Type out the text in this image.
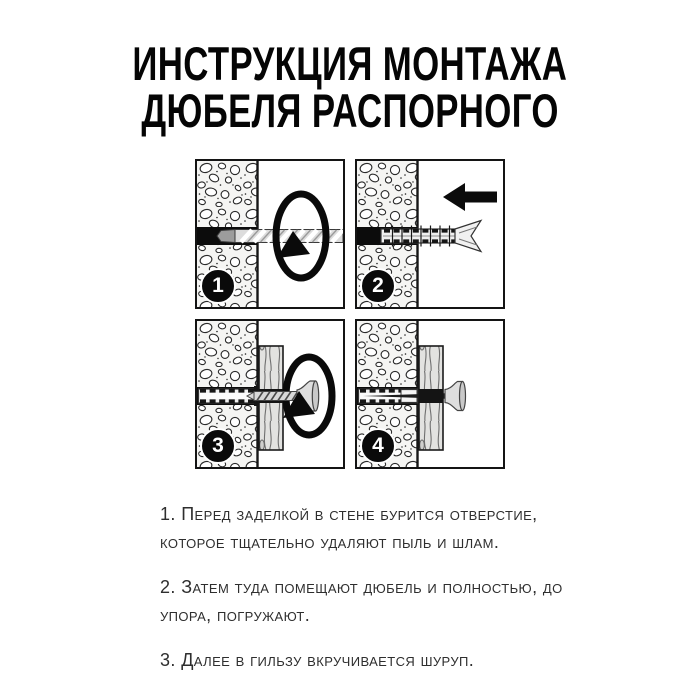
ИНСТРУКЦИЯ МОНТАЖА
ДЮБЕЛЯ РАСПОРНОГО
1	2
3	4

1. Перед заделкой в стене бурится отверстие, которое тщательно удаляют пыль и шлам.

2. Затем туда помещают дюбель и полностью, до упора, погружают.

3. Далее в гильзу вкручивается шуруп.
